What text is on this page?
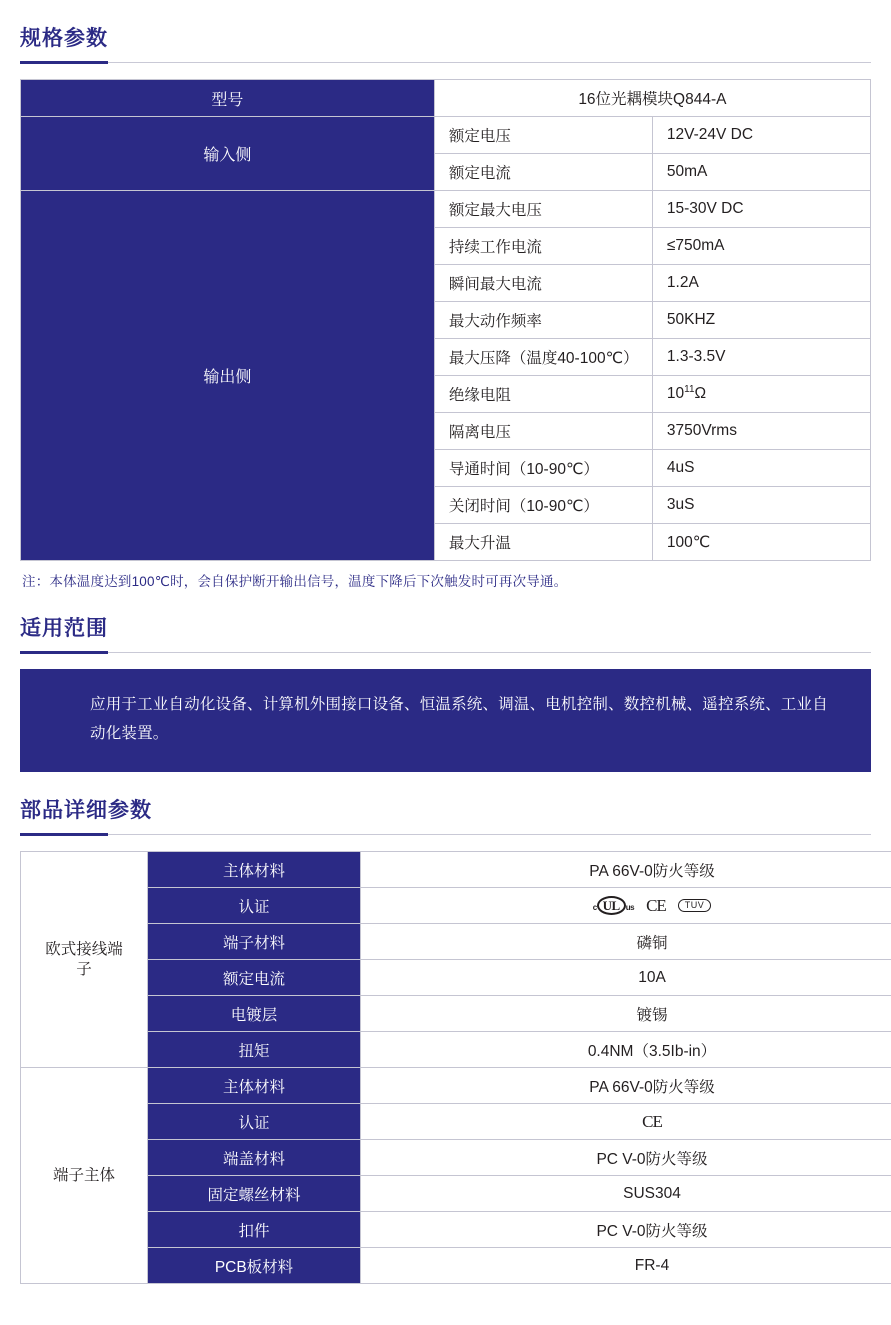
规格参数
型号	16位光耦模块Q844-A	
输入侧	额定电压	12V-24V DC
	额定电流	50mA
输出侧	额定最大电压	15-30V DC
	持续工作电流	≤750mA
	瞬间最大电流	1.2A
	最大动作频率	50KHZ
	最大压降（温度40-100℃）	1.3-3.5V
	绝缘电阻	$10^{11}\Omega$
	隔离电压	3750Vrms
	导通时间（10-90℃）	4uS
	关闭时间（10-90℃）	3uS
	最大升温	100℃
注：本体温度达到100℃时，会自保护断开输出信号，温度下降后下次触发时可再次导通。
适用范围
应用于工业自动化设备、计算机外围接口设备、恒温系统、调温、电机控制、数控机械、遥控系统、工业自动化装置。
部品详细参数
欧式接线端子	主体材料	PA 66V-0防火等级
	认证	c UL us CE TUV

	端子材料	磷铜
	额定电流	10A
	电镀层	镀锡
	扭矩	0.4NM（3.5Ib-in）
端子主体	主体材料	PA 66V-0防火等级
	认证	CE

	端盖材料	PC V-0防火等级
	固定螺丝材料	SUS304
	扣件	PC V-0防火等级
	PCB板材料	FR-4
